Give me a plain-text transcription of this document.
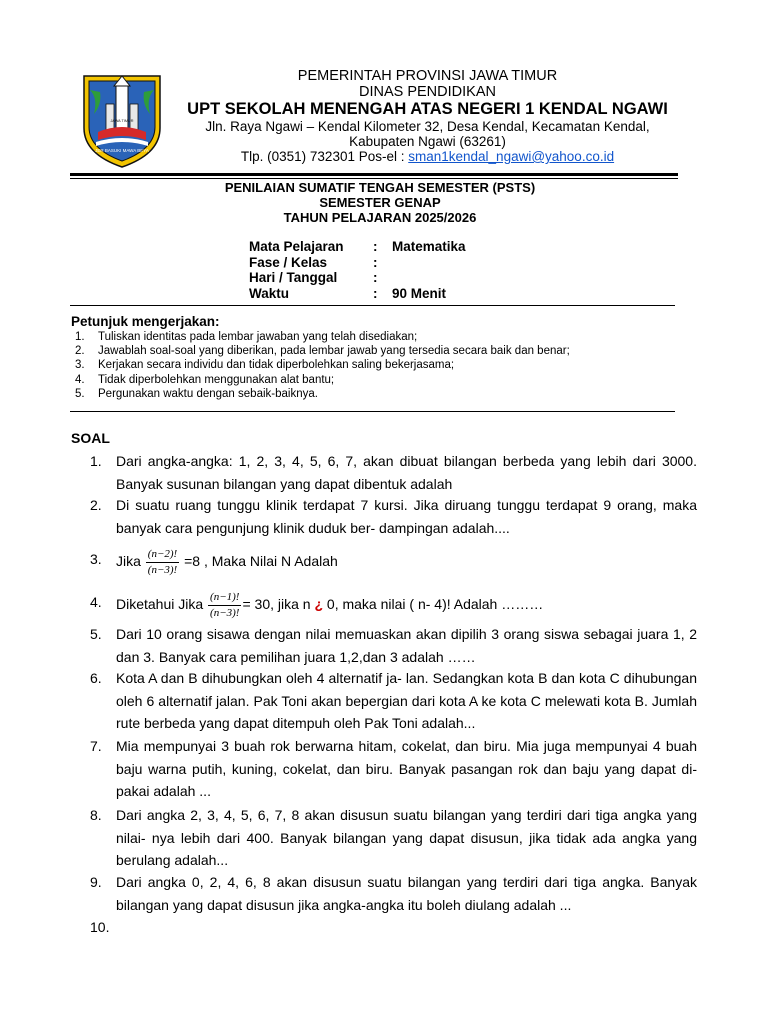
JER BASUKI MAWA BEYA
JAWA TIMUR
PEMERINTAH PROVINSI JAWA TIMUR
DINAS PENDIDIKAN
UPT SEKOLAH MENENGAH ATAS NEGERI 1 KENDAL NGAWI
Jln. Raya Ngawi – Kendal Kilometer 32, Desa Kendal, Kecamatan Kendal,
Kabupaten Ngawi (63261)
Tlp. (0351) 732301 Pos-el : sman1kendal_ngawi@yahoo.co.id
PENILAIAN SUMATIF TENGAH SEMESTER (PSTS)
SEMESTER GENAP
TAHUN PELAJARAN 2025/2026
Mata Pelajaran : Matematika
Fase / Kelas	:
Hari / Tanggal	:
Waktu	: 90 Menit
Petunjuk mengerjakan:
1. Tuliskan identitas pada lembar jawaban yang telah disediakan;
2. Jawablah soal-soal yang diberikan, pada lembar jawab yang tersedia secara baik dan benar;
3. Kerjakan secara individu dan tidak diperbolehkan saling bekerjasama;
4. Tidak diperbolehkan menggunakan alat bantu;
5. Pergunakan waktu dengan sebaik-baiknya.
SOAL
1. Dari angka-angka: 1, 2, 3, 4, 5, 6, 7, akan dibuat bilangan berbeda yang lebih dari 3000. Banyak susunan bilangan yang dapat dibentuk adalah
2. Di suatu ruang tunggu klinik terdapat 7 kursi. Jika diruang tunggu terdapat 9 orang, maka banyak cara pengunjung klinik duduk ber- dampingan adalah....
3. Jika $\frac{(n-2)!}{(n-3)!} =8$ , Maka Nilai N Adalah
4. Diketahui Jika $\frac{(n-1)!}{(n-3)!} = 30$, jika n ¿ 0, maka nilai ( n- 4)! Adalah ………
5. Dari 10 orang sisawa dengan nilai memuaskan akan dipilih 3 orang siswa sebagai juara 1, 2 dan 3. Banyak cara pemilihan juara 1,2,dan 3 adalah ……
6. Kota A dan B dihubungkan oleh 4 alternatif ja- lan. Sedangkan kota B dan kota C dihubungan oleh 6 alternatif jalan. Pak Toni akan bepergian dari kota A ke kota C melewati kota B. Jumlah rute berbeda yang dapat ditempuh oleh Pak Toni adalah...
7. Mia mempunyai 3 buah rok berwarna hitam, cokelat, dan biru. Mia juga mempunyai 4 buah baju warna putih, kuning, cokelat, dan biru. Banyak pasangan rok dan baju yang dapat di- pakai adalah ...
8. Dari angka 2, 3, 4, 5, 6, 7, 8 akan disusun suatu bilangan yang terdiri dari tiga angka yang nilai- nya lebih dari 400. Banyak bilangan yang dapat disusun, jika tidak ada angka yang berulang adalah...
9. Dari angka 0, 2, 4, 6, 8 akan disusun suatu bilangan yang terdiri dari tiga angka. Banyak bilangan yang dapat disusun jika angka-angka itu boleh diulang adalah ...
10.
